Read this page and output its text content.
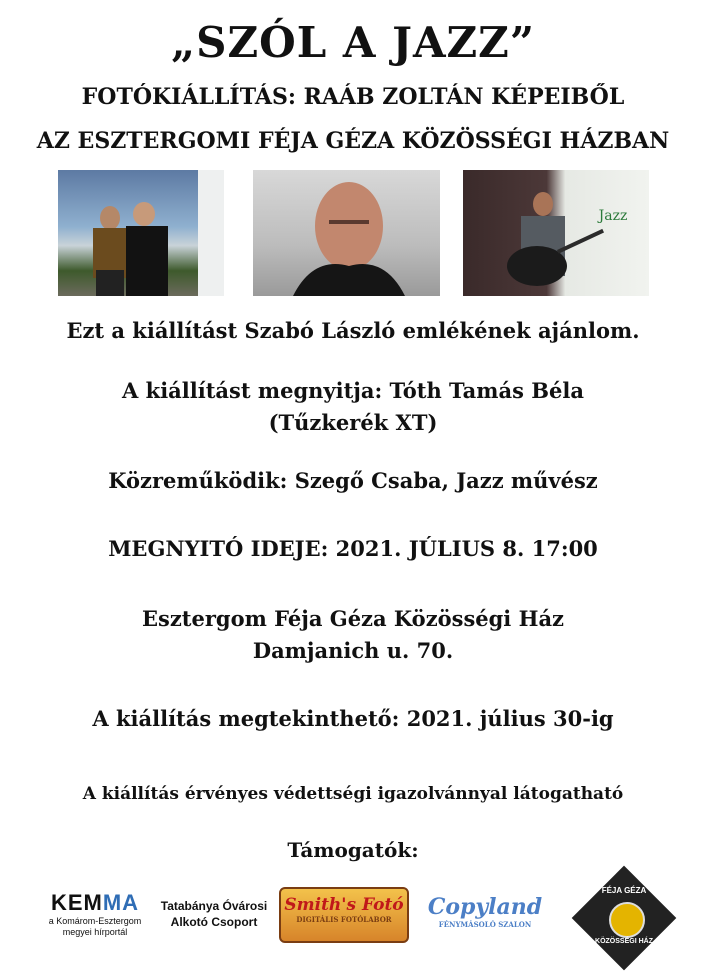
„SZÓL A JAZZ”
FOTÓKIÁLLÍTÁS: RAÁB ZOLTÁN KÉPEIBŐL
AZ ESZTERGOMI FÉJA GÉZA KÖZÖSSÉGI HÁZBAN
Jazz
Ezt a kiállítást Szabó László emlékének ajánlom.
A kiállítást megnyitja: Tóth Tamás Béla
(Tűzkerék XT)
Közreműködik: Szegő Csaba, Jazz művész
MEGNYITÓ IDEJE: 2021. JÚLIUS 8. 17:00
Esztergom Féja Géza Közösségi Ház
Damjanich u. 70.
A kiállítás megtekinthető: 2021. július 30-ig
A kiállítás érvényes védettségi igazolvánnyal látogatható
Támogatók:
KEMMA
a Komárom-Esztergom
megyei hírportál
Tatabánya Óvárosi
Alkotó Csoport
Smith's Fotó
DIGITÁLIS FOTÓLABOR	Copyland
FÉNYMÁSOLÓ SZALON
FÉJA GÉZA
KÖZÖSSÉGI HÁZ
